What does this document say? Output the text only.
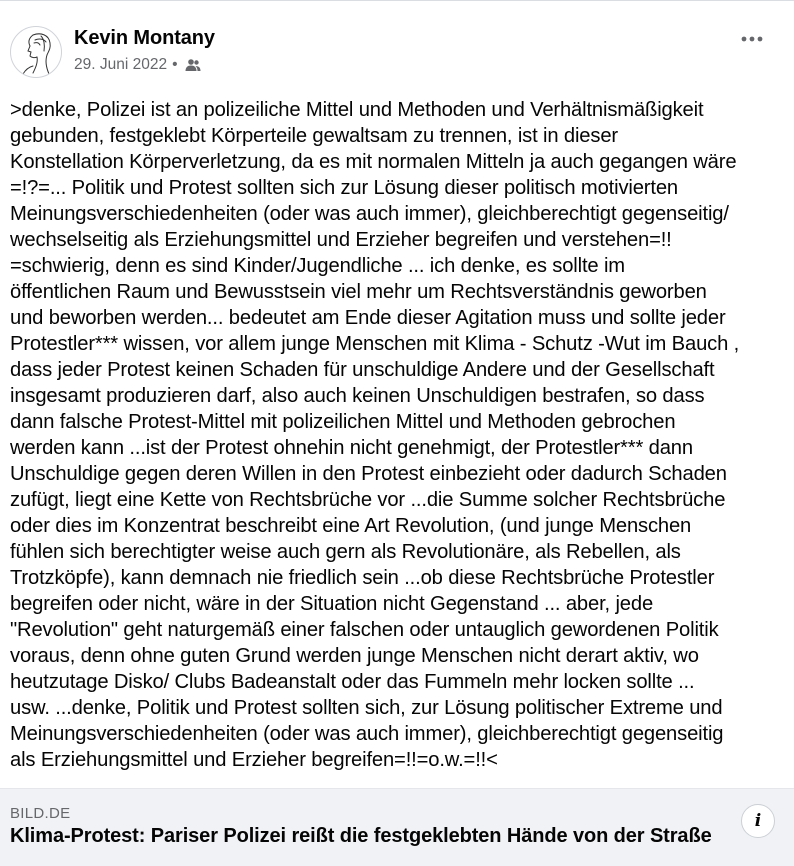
Kevin Montany
29. Juni 2022 •
>denke, Polizei ist an polizeiliche Mittel und Methoden und Verhältnismäßigkeit
gebunden, festgeklebt Körperteile gewaltsam zu trennen, ist in dieser
Konstellation Körperverletzung, da es mit normalen Mitteln ja auch gegangen wäre
=!?=... Politik und Protest sollten sich zur Lösung dieser politisch motivierten
Meinungsverschiedenheiten (oder was auch immer), gleichberechtigt gegenseitig/
wechselseitig als Erziehungsmittel und Erzieher begreifen und verstehen=!!
=schwierig, denn es sind Kinder/Jugendliche ... ich denke, es sollte im
öffentlichen Raum und Bewusstsein viel mehr um Rechtsverständnis geworben
und beworben werden... bedeutet am Ende dieser Agitation muss und sollte jeder
Protestler*** wissen, vor allem junge Menschen mit Klima - Schutz -Wut im Bauch ,
dass jeder Protest keinen Schaden für unschuldige Andere und der Gesellschaft
insgesamt produzieren darf, also auch keinen Unschuldigen bestrafen, so dass
dann falsche Protest-Mittel mit polizeilichen Mittel und Methoden gebrochen
werden kann ...ist der Protest ohnehin nicht genehmigt, der Protestler*** dann
Unschuldige gegen deren Willen in den Protest einbezieht oder dadurch Schaden
zufügt, liegt eine Kette von Rechtsbrüche vor ...die Summe solcher Rechtsbrüche
oder dies im Konzentrat beschreibt eine Art Revolution, (und junge Menschen
fühlen sich berechtigter weise auch gern als Revolutionäre, als Rebellen, als
Trotzköpfe), kann demnach nie friedlich sein ...ob diese Rechtsbrüche Protestler
begreifen oder nicht, wäre in der Situation nicht Gegenstand ... aber, jede
"Revolution" geht naturgemäß einer falschen oder untauglich gewordenen Politik
voraus, denn ohne guten Grund werden junge Menschen nicht derart aktiv, wo
heutzutage Disko/ Clubs Badeanstalt oder das Fummeln mehr locken sollte ...
usw. ...denke, Politik und Protest sollten sich, zur Lösung politischer Extreme und
Meinungsverschiedenheiten (oder was auch immer), gleichberechtigt gegenseitig
als Erziehungsmittel und Erzieher begreifen=!!=o.w.=!!<
BILD.DE
Klima-Protest: Pariser Polizei reißt die festgeklebten Hände von der Straße
i
